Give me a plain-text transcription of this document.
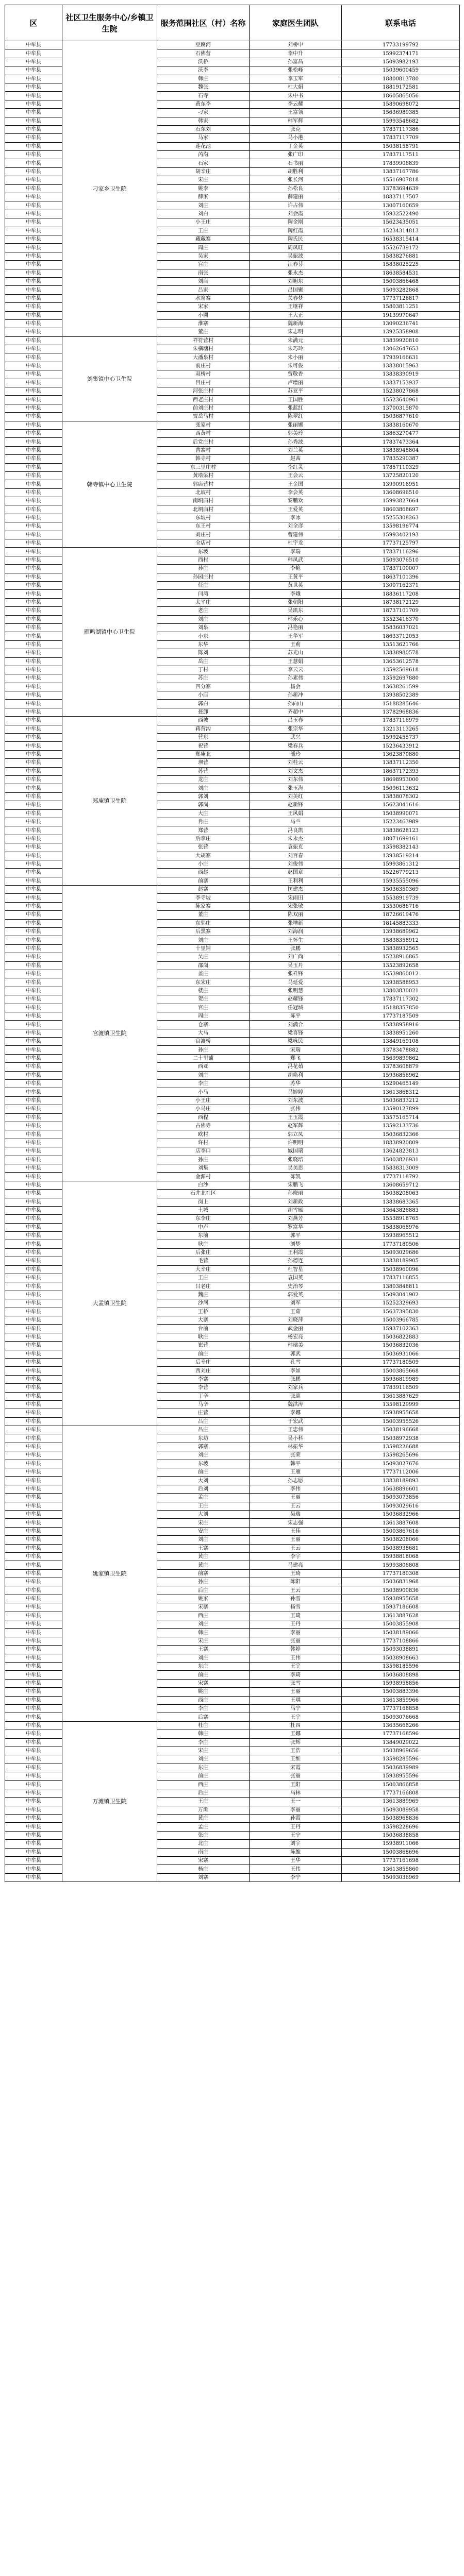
区	社区卫生服务中心/乡镇卫生院	服务范围社区（村）名称	家庭医生团队	联系电话
中牟县	刁家乡卫生院	豆腐河	刘桥申	17733199792
中牟县		石佛营	李中升	15992374171
中牟县		沃桥	孙富昌	15093982193
中牟县		沃李	张松峰	15039600459
中牟县		韩庄	李玉军	18800813780
中牟县		魏张	杜大娟	18819172581
中牟县		石寺	朱中书	18605865056
中牟县		黄东李	李云耀	15890698072
中牟县		刁家	王富领	15636989385
中牟县		韩家	韩军辉	15993548682
中牟县		石东刘	张克	17837117386
中牟县		马家	马小港	17837117709
中牟县		莲花池	丁金英	15038158791
中牟县		芮沟	张广印	17837117511
中牟县		石家	石书丽	17839906839
中牟县		胡辛庄	胡胜利	13837167786
中牟县		宋庄	张长河	15516907818
中牟县		姚李	孙松良	13783694639
中牟县		薛家	薛建丽	18837117507
中牟县		刘庄	许占伟	13007160659
中牟县		刘白	刘会霞	15932522490
中牟县		小王庄	陶金刚	15623435051
中牟县		王庄	陶红霞	15234314813
中牟县		藏藏寨	陶氏民	16538315414
中牟县		周庄	周凤旺	15526739172
中牟县		吴家	吴振波	15838276881
中牟县		宫庄	汪春芬	15838025225
中牟县		南张	张永杰	18638584531
中牟县		刘店	刘旭东	15003866468
中牟县		吕家	吕国聚	15093282868
中牟县		水窑寨	关春梦	17737126817
中牟县		宋家	王继祥	15803811251
中牟县		小圃	王大正	19139970647
中牟县		淮寨	魏新海	13090236741
中牟县		董庄	宋志明	13925358908
中牟县	刘集镇中心卫生院	祥符营村	朱满元	13839920810
中牟县		朱横塘村	朱巧玲	13062647653
中牟县		大潘泉村	朱小丽	17939166631
中牟县		前庄村	朱可俊	13838015963
中牟县		双桥村	贾敬香	13838390919
中牟县		吕庄村	卢增丽	13837153937
中牟县		河张庄村	苏亚平	15238027868
中牟县		西老庄村	王国胜	15523640961
中牟县		前刘庄村	张蓝红	13700315870
中牟县		贾岳马村	陈翠红	15036877610
中牟县	韩寺镇中心卫生院	张家村	张丽娜	13838160670
中牟县		西黄村	郭美玲	13863270477
中牟县		后党庄村	孙秀波	17837473364
中牟县		曹寨村	刘兰英	13838948804
中牟县		韩寺村	赵茜	17835290387
中牟县		东三里庄村	李红灵	17857110329
中牟县		黄塔梁村	王会云	13725820120
中牟县		郭店营村	王金国	13990916951
中牟县		北坡村	李会英	13608696510
中牟县		南垌庙村	黎鹏欢	15993827664
中牟县		北垌庙村	王爱英	18603868697
中牟县		东坡村	李冰	15255308263
中牟县		东王村	刘全彦	13598196774
中牟县		刘庄村	曹建伟	15993402193
中牟县		全店村	杜宇龙	17737125797
中牟县	雁鸣湖镇中心卫生院	东坡	李瑞	17837116296
中牟县		西村	韩凤武	15093076510
中牟县		孙庄	李艳	17837100007
中牟县		孙园庄村	王黄平	18637101396
中牟县		任庄	黄世英	13007162371
中牟县		闫湾	李娥	18836117208
中牟县		太平庄	张朝阳	18738172129
中牟县		老庄	吴凯东	18737101709
中牟县		刘庄	韩乐心	13523416370
中牟县		刘泉	冯艳丽	15836037021
中牟县		小东	王华军	18633712053
中牟县		东华	王莉	13513621766
中牟县		陈刘	苏光山	13838980578
中牟县		岳庄	王慧娟	13653612578
中牟县		丁村	李云云	13592569618
中牟县		苏庄	孙素伟	13592697880
中牟县		四分寨	杨会	13638261599
中牟县		小店	孙新冲	13938502389
中牟县		郭白	孙向山	15188285646
中牟县		聂卸	齐超中	13782968836
中牟县	郑庵镇卫生院	西坡	吕玉春	17837116979
中牟县		蒋营沟	张宗华	13213113265
中牟县		营东	武兴	15992455737
中牟县		祝营	梁春兵	15236433912
中牟县		郑庵北	潘玲	13623870880
中牟县		坝营	刘桂云	13837112350
中牟县		苏营	刘文杰	18637172393
中牟县		龙庄	刘东伟	18698953000
中牟县		刘庄	张玉海	15096113632
中牟县		郭刘	刘美红	13838078302
中牟县		郭岗	赵新锋	15623041616
中牟县		大庄	王风娟	15038990071
中牟县		肖庄	马兰	15223463989
中牟县		郑营	冯良凯	13838628123
中牟县		后李庄	朱永杰	18071699161
中牟县		张营	袁振克	13598382143
中牟县		大胡寨	刘百春	13938519214
中牟县		小庄	刘俊伟	15993861312
中牟县		西赵	赵国章	15226779213
中牟县		前寨	王利利	15935555096
中牟县	官渡镇卫生院	赵寨	匡建杰	15036350369
中牟县		李寺坡	宋雨田	15538919739
中牟县		陈家寨	宋张敏	13530686716
中牟县		董庄	陈双丽	18726619476
中牟县		东郭庄	张增新	18145883333
中牟县		后黑寨	刘海润	13938689962
中牟县		刘庄	王怀生	15838358912
中牟县		十里铺	张鹏	13838932565
中牟县		吴庄	刘广尚	15238916865
中牟县		邵岗	吴玉丹	13523892658
中牟县		盖庄	张祥锋	15539860012
中牟县		东宋庄	马延爱	13938588953
中牟县		楼庄	张明慧	13803830021
中牟县		贺庄	赵耀锋	17837117302
中牟县		官庄	任冠城	15188357850
中牟县		周庄	陈平	17737187509
中牟县		仓寨	刘满合	15838958916
中牟县		大马	梁喜锋	13838951260
中牟县		官渡桥	梁咏民	13849169108
中牟县		孙庄	宋瑞	13783478882
中牟县		二十里铺	郑飞	15699899862
中牟县		西亚	冯花茹	13783608879
中牟县		刘庄	胡艳利	15936856962
中牟县		李庄	苏华	15290465149
中牟县		小马	马婷婷	13613868312
中牟县		小王庄	刘东波	15036833212
中牟县		小马庄	张伟	13590127899
中牟县		西程	王玉霞	13575165714
中牟县		古佛寺	赵军辉	13592133736
中牟县		欧村	郭立凤	15036832366
中牟县		许村	许明明	18838920809
中牟县		店李口	臧国瑞	13624823813
中牟县		孙庄	张晓培	15003826931
中牟县		刘集	吴美思	15838313009
中牟县		金源村	陈凯	17737118792
中牟县	大孟镇卫生院	白沙	宋鹏飞	13608659712
中牟县		石井北社区	孙晓丽	15038208063
中牟县		岗上	刘新政	13838683365
中牟县		土城	胡雪雁	13643826883
中牟县		东李庄	刘燕芳	15538918765
中牟县		中卢	罗富华	15838068976
中牟县		东前	郭平	15938965512
中牟县		耿庄	刘梦	17737180506
中牟县		后张庄	王利霞	15093029686
中牟县		毛营	孙德连	13838189905
中牟县		大辛庄	杜智星	15038960096
中牟县		王庄	袁国英	17837116855
中牟县		吕老庄	史治琴	13803848811
中牟县		魏庄	郭爱英	15093041902
中牟县		沙河	刘军	15252329693
中牟县		王桥	王茹	15637395830
中牟县		大寨	刘晓萍	15003966785
中牟县		台前	武金丽	15937102363
中牟县		耿庄	杨宏亮	15036822883
中牟县		崔营	韩瑞美	15036832036
中牟县		前庄	郭武	15036931066
中牟县		后辛庄	孔雪	17737180509
中牟县		西刘庄	李如	15003865668
中牟县		李寨	张鹏	15936819989
中牟县		李营	刘家兵	17839116509
中牟县		丁辛	张迎	13613887629
中牟县		马辛	魏洪涛	13598129999
中牟县		庄营	李娜	15938955658
中牟县		吕庄	于宏武	15003955526
中牟县	姚家镇卫生院	吕庄	王忠伟	15038196668
中牟县		东坊	吴小科	15038972938
中牟县		郭寨	林振华	13598226688
中牟县		刘庄	张荣	13598265696
中牟县		东坡	韩平	15093027676
中牟县		前庄	王雁	17737112006
中牟县		大刘	孙志愿	13838189893
中牟县		后刘	李伟	15638896601
中牟县		孟庄	王丽	15093073856
中牟县		王庄	王云	15093029616
中牟县		大刘	吴瑞	15036832966
中牟县		宋庄	宋志强	13613887608
中牟县		安庄	王佳	15003867616
中牟县		刘庄	王丽	15038208066
中牟县		王寨	王云	15038938681
中牟县		黄庄	李宇	15938818068
中牟县		黄庄	马建亮	15993806808
中牟县		前寨	王琦	17737180308
中牟县		孙庄	陈阳	15036831968
中牟县		后庄	王云	15038900836
中牟县		姚家	孙雪	15938955658
中牟县		宋寨	杨雪	15937186608
中牟县		西庄	王琦	13613887628
中牟县		刘庄	王丹	15003855908
中牟县		韩庄	李丽	15038189066
中牟县		宋庄	张丽	17737108866
中牟县		王寨	韩婷	15093038891
中牟县		刘庄	王伟	15038908663
中牟县		东庄	王宇	13598185596
中牟县		前庄	李琦	15036808898
中牟县		宋寨	张雪	15938958856
中牟县		姚庄	王丽	15003883396
中牟县		西庄	王琪	13613859966
中牟县		李庄	马宁	17737168858
中牟县		后寨	王宇	15093076668
中牟县	万滩镇卫生院	杜庄	杜四	13635668266
中牟县		韩庄	王娜	17737168596
中牟县		李庄	张辉	13849029022
中牟县		宋庄	王浩	15038969656
中牟县		刘庄	王维	13598285596
中牟县		东庄	宋霞	15036839989
中牟县		前庄	张丽	15938955596
中牟县		西庄	王阳	15003866858
中牟县		后庄	马林	17737166808
中牟县		王庄	王一	13613889969
中牟县		万滩	李丽	15093089958
中牟县		黄庄	孙霞	15038968836
中牟县		孟庄	王丹	13598228696
中牟县		张庄	王宁	15036838858
中牟县		北庄	刘宇	15938911066
中牟县		南庄	陈维	15003868696
中牟县		宋寨	王华	17737161698
中牟县		杨庄	王伟	13613855860
中牟县		刘寨	李宁	15093036969
